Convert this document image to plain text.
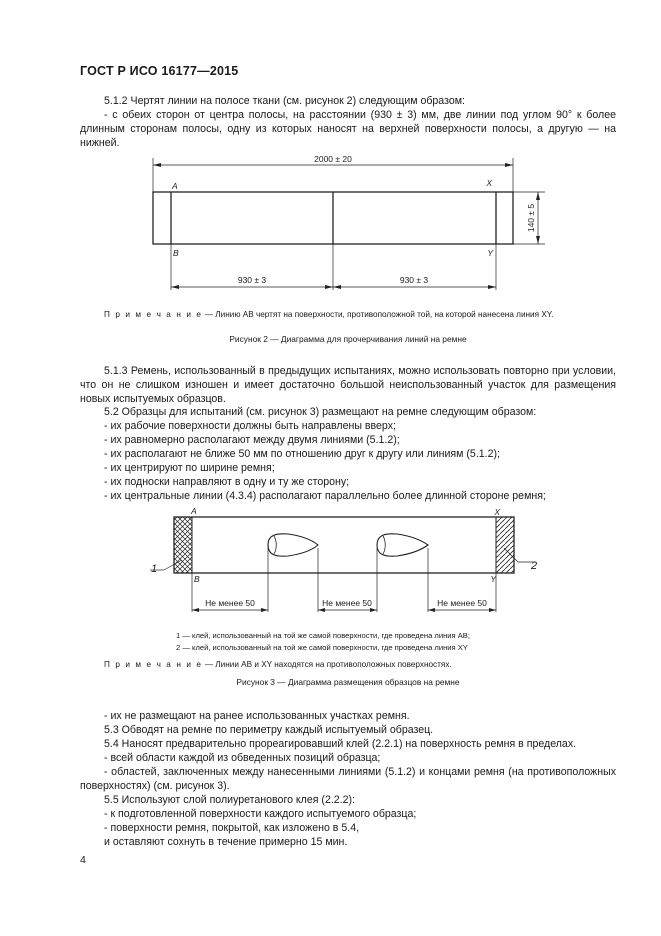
ГОСТ Р ИСО 16177—2015
5.1.2 Чертят линии на полосе ткани (см. рисунок 2) следующим образом:
- с обеих сторон от центра полосы, на расстоянии (930 ± 3) мм, две линии под углом 90° к более длинным сторонам полосы, одну из которых наносят на верхней поверхности полосы, а другую — на нижней.
2000 ± 20
930 ± 3	930 ± 3
140 ± 5
A
B
X
Y
П р и м е ч а н и е — Линию AB чертят на поверхности, противоположной той, на которой нанесена линия XY.
Рисунок 2 — Диаграмма для прочерчивания линий на ремне
5.1.3 Ремень, использованный в предыдущих испытаниях, можно использовать повторно при условии, что он не слишком изношен и имеет достаточно большой неиспользованный участок для размещения новых испытуемых образцов.
5.2 Образцы для испытаний (см. рисунок 3) размещают на ремне следующим образом:
- их рабочие поверхности должны быть направлены вверх;
- их равномерно располагают между двумя линиями (5.1.2);
- их располагают не ближе 50 мм по отношению друг к другу или линиям (5.1.2);
- их центрируют по ширине ремня;
- их подноски направляют в одну и ту же сторону;
- их центральные линии (4.3.4) располагают параллельно более длинной стороне ремня;
A
B
X
Y
Не менее 50	Не менее 50	Не менее 50
1	2
1 — клей, использованный на той же самой поверхности, где проведена линия AB;
2 — клей, использованный на той же самой поверхности, где проведена линия XY
П р и м е ч а н и е — Линии AB и XY находятся на противоположных поверхностях.
Рисунок 3 — Диаграмма размещения образцов на ремне
- их не размещают на ранее использованных участках ремня.
5.3 Обводят на ремне по периметру каждый испытуемый образец.
5.4 Наносят предварительно прореагировавший клей (2.2.1) на поверхность ремня в пределах.
- всей области каждой из обведенных позиций образца;
- областей, заключенных между нанесенными линиями (5.1.2) и концами ремня (на противоположных поверхностях) (см. рисунок 3).
5.5 Используют слой полиуретанового клея (2.2.2):
- к подготовленной поверхности каждого испытуемого образца;
- поверхности ремня, покрытой, как изложено в 5.4,
и оставляют сохнуть в течение примерно 15 мин.
4
